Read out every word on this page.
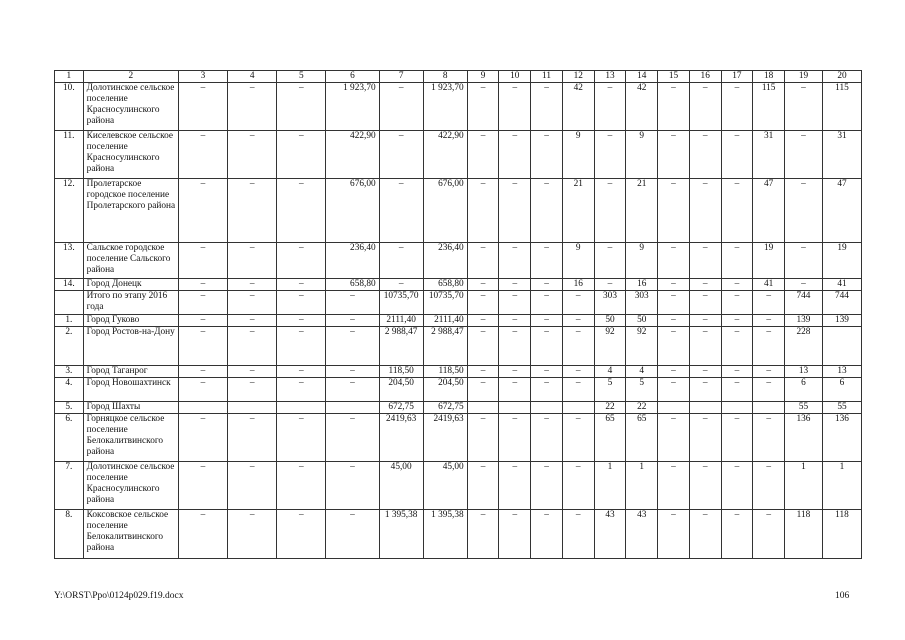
1	2	3	4	5	6	7	8	9	10	11	12	13	14	15	16	17	18	19	20
10.	Долотинское сельское поселение Красносулинского района	–	–	–	1 923,70	–	1 923,70	–	–	–	42	–	42	–	–	–	115	–	115
11.	Киселевское сельское поселение Красносулинского района	–	–	–	422,90	–	422,90	–	–	–	9	–	9	–	–	–	31	–	31
12.	Пролетарское городское поселение Пролетарского района	–	–	–	676,00	–	676,00	–	–	–	21	–	21	–	–	–	47	–	47
13.	Сальское городское поселение Сальского района	–	–	–	236,40	–	236,40	–	–	–	9	–	9	–	–	–	19	–	19
14.	Город Донецк	–	–	–	658,80	–	658,80	–	–	–	16	–	16	–	–	–	41	–	41
	Итого по этапу 2016 года	–	–	–	–	10735,70	10735,70	–	–	–	–	303	303	–	–	–	–	744	744
1.	Город Гуково	–	–	–	–	2111,40	2111,40	–	–	–	–	50	50	–	–	–	–	139	139
2.	Город Ростов-на-Дону	–	–	–	–	2 988,47	2 988,47	–	–	–	–	92	92	–	–	–	–	228	
3.	Город Таганрог	–	–	–	–	118,50	118,50	–	–	–	–	4	4	–	–	–	–	13	13
4.	Город Новошахтинск	–	–	–	–	204,50	204,50	–	–	–	–	5	5	–	–	–	–	6	6
5.	Город Шахты					672,75	672,75					22	22					55	55
6.	Горняцкое сельское поселение Белокалитвинского района	–	–	–	–	2419,63	2419,63	–	–	–	–	65	65	–	–	–	–	136	136
7.	Долотинское сельское поселение Красносулинского района	–	–	–	–	45,00	45,00	–	–	–	–	1	1	–	–	–	–	1	1
8.	Коксовское сельское поселение Белокалитвинского района	–	–	–	–	1 395,38	1 395,38	–	–	–	–	43	43	–	–	–	–	118	118
Y:\ORST\Ppo\0124p029.f19.docx	106
